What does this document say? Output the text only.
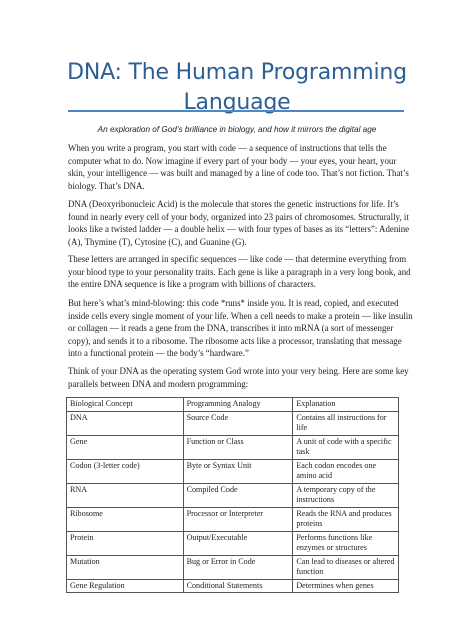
DNA: The Human Programming Language
An exploration of God’s brilliance in biology, and how it mirrors the digital age

When you write a program, you start with code — a sequence of instructions that tells the computer what to do. Now imagine if every part of your body — your eyes, your heart, your skin, your intelligence — was built and managed by a line of code too. That’s not fiction. That’s biology. That’s DNA.

DNA (Deoxyribonucleic Acid) is the molecule that stores the genetic instructions for life. It’s found in nearly every cell of your body, organized into 23 pairs of chromosomes. Structurally, it looks like a twisted ladder — a double helix — with four types of bases as its “letters”: Adenine (A), Thymine (T), Cytosine (C), and Guanine (G).

These letters are arranged in specific sequences — like code — that determine everything from your blood type to your personality traits. Each gene is like a paragraph in a very long book, and the entire DNA sequence is like a program with billions of characters.

But here’s what’s mind-blowing: this code *runs* inside you. It is read, copied, and executed inside cells every single moment of your life. When a cell needs to make a protein — like insulin or collagen — it reads a gene from the DNA, transcribes it into mRNA (a sort of messenger copy), and sends it to a ribosome. The ribosome acts like a processor, translating that message into a functional protein — the body’s “hardware.”

Think of your DNA as the operating system God wrote into your very being. Here are some key parallels between DNA and modern programming:

Biological Concept	Programming Analogy	Explanation
DNA	Source Code	Contains all instructions for life
Gene	Function or Class	A unit of code with a specific task
Codon (3-letter code)	Byte or Syntax Unit	Each codon encodes one amino acid
RNA	Compiled Code	A temporary copy of the instructions
Ribosome	Processor or Interpreter	Reads the RNA and produces proteins
Protein	Output/Executable	Performs functions like enzymes or structures
Mutation	Bug or Error in Code	Can lead to diseases or altered function
Gene Regulation	Conditional Statements	Determines when genes
